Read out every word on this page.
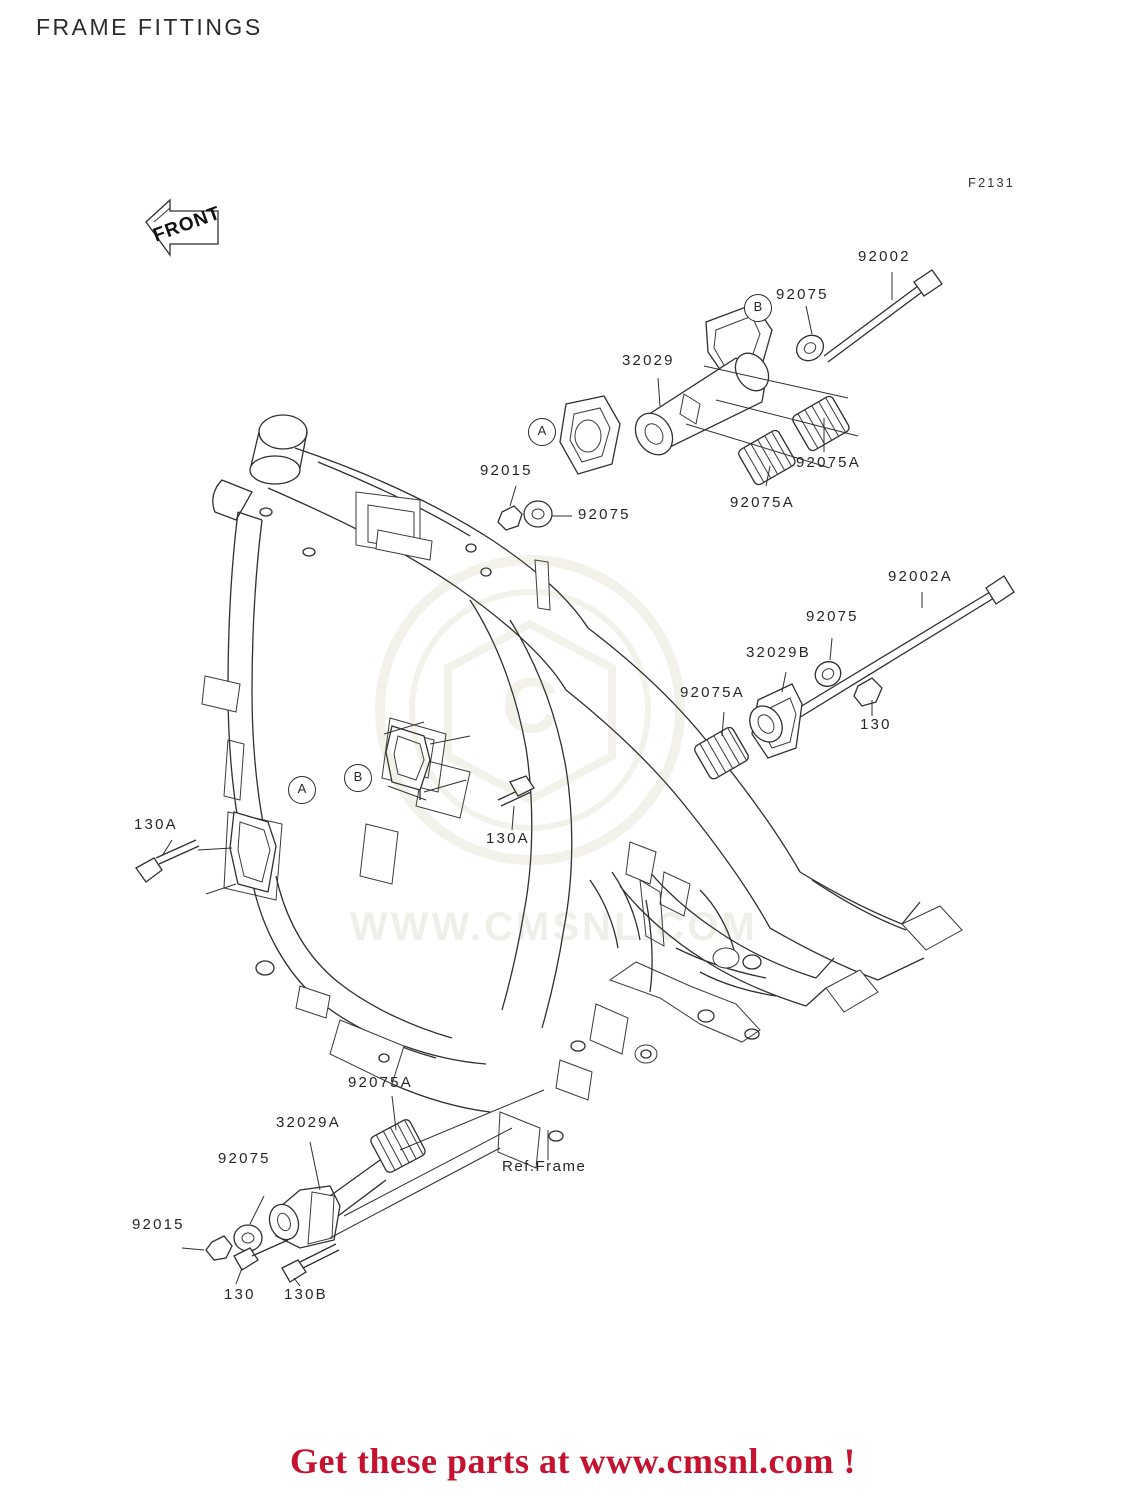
FRAME FITTINGS
F2131
FRONT
A
B
B
A
92002
92075
32029
92075A
92075A
92015
92075
92002A
92075
32029B
92075A
130
130A
130A
92075A
32029A
92075
92015
130 130B
Ref.Frame
C
WWW.CMSNL.COM
Get these parts at www.cmsnl.com !
